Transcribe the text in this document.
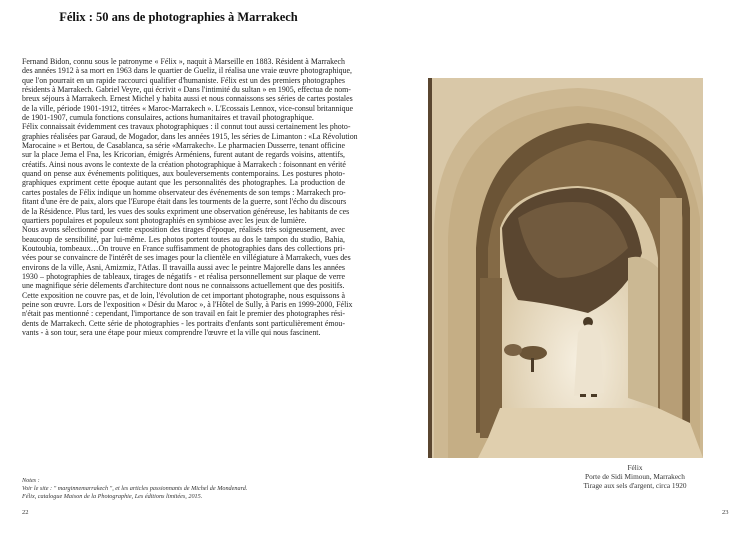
Félix : 50 ans de photographies à Marrakech
Fernand Bidon, connu sous le patronyme « Félix », naquit à Marseille en 1883. Résident à Marrakech
des années 1912 à sa mort en 1963 dans le quartier de Gueliz, il réalisa une vraie œuvre photographique,
que l'on pourrait en un rapide raccourci qualifier d'humaniste. Félix est un des premiers photographes
résidents à Marrakech. Gabriel Veyre, qui écrivit « Dans l'intimité du sultan » en 1905, effectua de nom-
breux séjours à Marrakech. Ernest Michel y habita aussi et nous connaissons ses séries de cartes postales
de la ville, période 1901-1912, titrées « Maroc-Marrakech ». L'Ecossais Lennox, vice-consul britannique
de 1901-1907, cumula fonctions consulaires, actions humanitaires et travail photographique.
Félix connaissait évidemment ces travaux photographiques : il connut tout aussi certainement les photo-
graphies réalisées par Garaud, de Mogador, dans les années 1915, les séries de Limanton : «La Révolution
Marocaine » et Bertou, de Casablanca, sa série «Marrakech». Le pharmacien Dusserre, tenant officine
sur la place Jema el Fna, les Kricorian, émigrés Arméniens, furent autant de regards voisins, attentifs,
créatifs. Ainsi nous avons le contexte de la création photographique à Marrakech : foisonnant en vérité
quand on pense aux événements politiques, aux bouleversements contemporains. Les postures photo-
graphiques expriment cette époque autant que les personnalités des photographes. La production de
cartes postales de Félix indique un homme observateur des événements de son temps : Marrakech pro-
fitant d'une ère de paix, alors que l'Europe était dans les tourments de la guerre, sont l'écho du discours
de la Résidence. Plus tard, les vues des souks expriment une observation généreuse, les habitants de ces
quartiers populaires et populeux sont photographiés en symbiose avec les jeux de lumière.
Nous avons sélectionné pour cette exposition des tirages d'époque, réalisés très soigneusement, avec
beaucoup de sensibilité, par lui-même. Les photos portent toutes au dos le tampon du studio, Bahia,
Koutoubia, tombeaux…On trouve en France suffisamment de photographies dans des collections pri-
vées pour se convaincre de l'intérêt de ses images pour la clientèle en villégiature à Marrakech, vues des
environs de la ville, Asni, Amizmiz, l'Atlas. Il travailla aussi avec le peintre Majorelle dans les années
1930 – photographies de tableaux, tirages de négatifs - et réalisa personnellement sur plaque de verre
une magnifique série délements d'architecture dont nous ne connaissons actuellement que des positifs.
Cette exposition ne couvre pas, et de loin, l'évolution de cet important photographe, nous esquissons à
peine son œuvre. Lors de l'exposition « Désir du Maroc », à l'Hôtel de Sully, à Paris en 1999-2000, Félix
n'était pas mentionné : cependant, l'importance de son travail en fait le premier des photographes rési-
dents de Marrakech. Cette série de photographies - les portraits d'enfants sont particulièrement émou-
vants - à son tour, sera une étape pour mieux comprendre l'œuvre et la ville qui nous fascinent.
Notes :
Voir le site : " marginnemarrakech ", et les articles passionnants de Michel de Mondenard.
Félix, catalogue Maison de la Photographie, Les éditions limitées, 2015.
22	23
Félix
Porte de Sidi Mimoun, Marrakech
Tirage aux sels d'argent, circa 1920
